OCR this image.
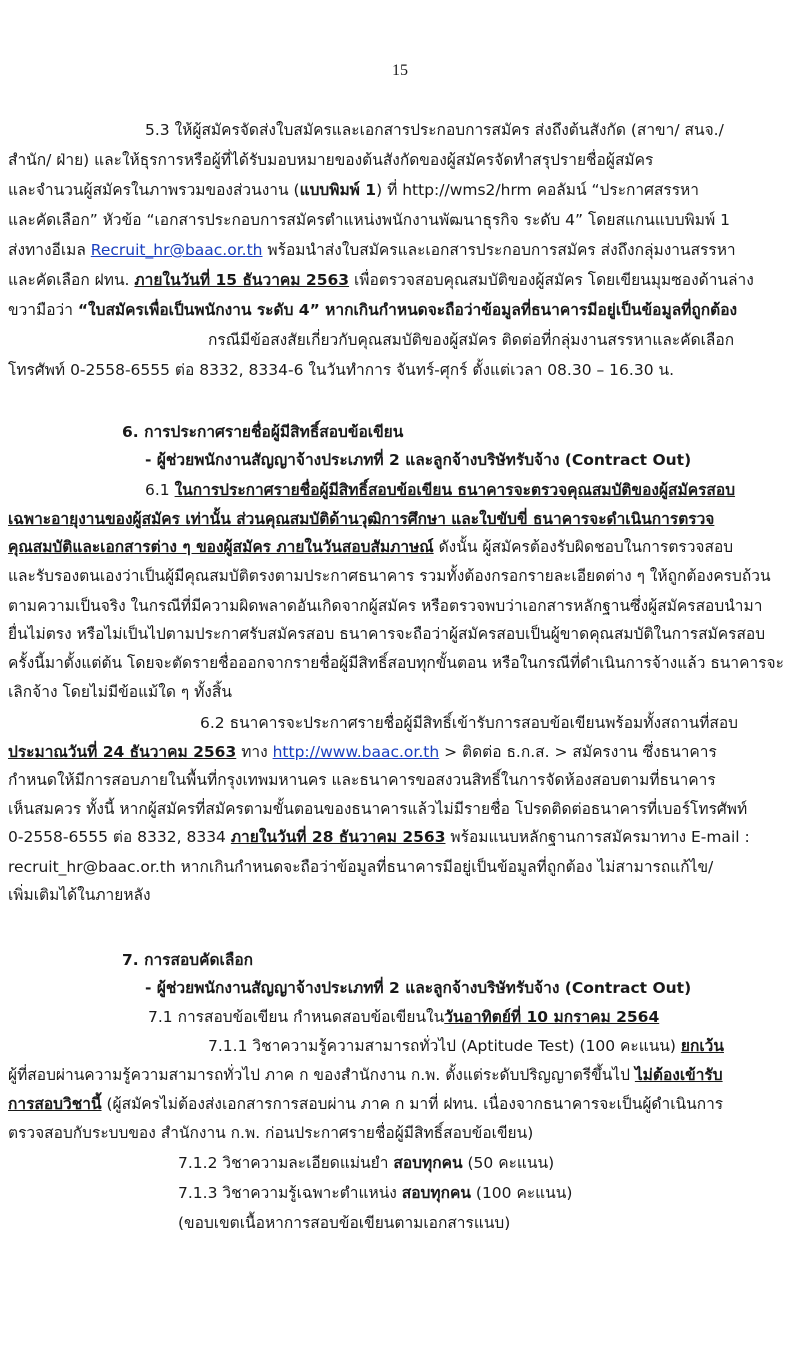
15
5.3 ให้ผู้สมัครจัดส่งใบสมัครและเอกสารประกอบการสมัคร ส่งถึงต้นสังกัด (สาขา/ สนจ./
สำนัก/ ฝ่าย) และให้ธุรการหรือผู้ที่ได้รับมอบหมายของต้นสังกัดของผู้สมัครจัดทำสรุปรายชื่อผู้สมัคร
และจำนวนผู้สมัครในภาพรวมของส่วนงาน (แบบพิมพ์ 1) ที่ http://wms2/hrm คอลัมน์ “ประกาศสรรหา
และคัดเลือก” หัวข้อ “เอกสารประกอบการสมัครตำแหน่งพนักงานพัฒนาธุรกิจ ระดับ 4” โดยสแกนแบบพิมพ์ 1
ส่งทางอีเมล Recruit_hr@baac.or.th พร้อมนำส่งใบสมัครและเอกสารประกอบการสมัคร ส่งถึงกลุ่มงานสรรหา
และคัดเลือก ฝทน. ภายในวันที่ 15 ธันวาคม 2563 เพื่อตรวจสอบคุณสมบัติของผู้สมัคร โดยเขียนมุมซองด้านล่าง
ขวามือว่า “ใบสมัครเพื่อเป็นพนักงาน ระดับ 4” หากเกินกำหนดจะถือว่าข้อมูลที่ธนาคารมีอยู่เป็นข้อมูลที่ถูกต้อง
กรณีมีข้อสงสัยเกี่ยวกับคุณสมบัติของผู้สมัคร ติดต่อที่กลุ่มงานสรรหาและคัดเลือก
โทรศัพท์ 0-2558-6555 ต่อ 8332, 8334-6 ในวันทำการ จันทร์-ศุกร์ ตั้งแต่เวลา 08.30 – 16.30 น.
6. การประกาศรายชื่อผู้มีสิทธิ์สอบข้อเขียน
- ผู้ช่วยพนักงานสัญญาจ้างประเภทที่ 2 และลูกจ้างบริษัทรับจ้าง (Contract Out)
6.1 ในการประกาศรายชื่อผู้มีสิทธิ์สอบข้อเขียน ธนาคารจะตรวจคุณสมบัติของผู้สมัครสอบ
เฉพาะอายุงานของผู้สมัคร เท่านั้น ส่วนคุณสมบัติด้านวุฒิการศึกษา และใบขับขี่ ธนาคารจะดำเนินการตรวจ
คุณสมบัติและเอกสารต่าง ๆ ของผู้สมัคร ภายในวันสอบสัมภาษณ์ ดังนั้น ผู้สมัครต้องรับผิดชอบในการตรวจสอบ
และรับรองตนเองว่าเป็นผู้มีคุณสมบัติตรงตามประกาศธนาคาร รวมทั้งต้องกรอกรายละเอียดต่าง ๆ ให้ถูกต้องครบถ้วน
ตามความเป็นจริง ในกรณีที่มีความผิดพลาดอันเกิดจากผู้สมัคร หรือตรวจพบว่าเอกสารหลักฐานซึ่งผู้สมัครสอบนำมา
ยื่นไม่ตรง หรือไม่เป็นไปตามประกาศรับสมัครสอบ ธนาคารจะถือว่าผู้สมัครสอบเป็นผู้ขาดคุณสมบัติในการสมัครสอบ
ครั้งนี้มาตั้งแต่ต้น โดยจะตัดรายชื่อออกจากรายชื่อผู้มีสิทธิ์สอบทุกขั้นตอน หรือในกรณีที่ดำเนินการจ้างแล้ว ธนาคารจะ
เลิกจ้าง โดยไม่มีข้อแม้ใด ๆ ทั้งสิ้น
6.2 ธนาคารจะประกาศรายชื่อผู้มีสิทธิ์เข้ารับการสอบข้อเขียนพร้อมทั้งสถานที่สอบ
ประมาณวันที่ 24 ธันวาคม 2563 ทาง http://www.baac.or.th > ติดต่อ ธ.ก.ส. > สมัครงาน ซึ่งธนาคาร
กำหนดให้มีการสอบภายในพื้นที่กรุงเทพมหานคร และธนาคารขอสงวนสิทธิ์ในการจัดห้องสอบตามที่ธนาคาร
เห็นสมควร ทั้งนี้ หากผู้สมัครที่สมัครตามขั้นตอนของธนาคารแล้วไม่มีรายชื่อ โปรดติดต่อธนาคารที่เบอร์โทรศัพท์
0-2558-6555 ต่อ 8332, 8334 ภายในวันที่ 28 ธันวาคม 2563 พร้อมแนบหลักฐานการสมัครมาทาง E-mail :
recruit_hr@baac.or.th หากเกินกำหนดจะถือว่าข้อมูลที่ธนาคารมีอยู่เป็นข้อมูลที่ถูกต้อง ไม่สามารถแก้ไข/
เพิ่มเติมได้ในภายหลัง
7. การสอบคัดเลือก
- ผู้ช่วยพนักงานสัญญาจ้างประเภทที่ 2 และลูกจ้างบริษัทรับจ้าง (Contract Out)
7.1 การสอบข้อเขียน กำหนดสอบข้อเขียนในวันอาทิตย์ที่ 10 มกราคม 2564
7.1.1 วิชาความรู้ความสามารถทั่วไป (Aptitude Test) (100 คะแนน) ยกเว้น
ผู้ที่สอบผ่านความรู้ความสามารถทั่วไป ภาค ก ของสำนักงาน ก.พ. ตั้งแต่ระดับปริญญาตรีขึ้นไป ไม่ต้องเข้ารับ
การสอบวิชานี้ (ผู้สมัครไม่ต้องส่งเอกสารการสอบผ่าน ภาค ก มาที่ ฝทน. เนื่องจากธนาคารจะเป็นผู้ดำเนินการ
ตรวจสอบกับระบบของ สำนักงาน ก.พ. ก่อนประกาศรายชื่อผู้มีสิทธิ์สอบข้อเขียน)
7.1.2 วิชาความละเอียดแม่นยำ สอบทุกคน (50 คะแนน)
7.1.3 วิชาความรู้เฉพาะตำแหน่ง สอบทุกคน (100 คะแนน)
(ขอบเขตเนื้อหาการสอบข้อเขียนตามเอกสารแนบ)
